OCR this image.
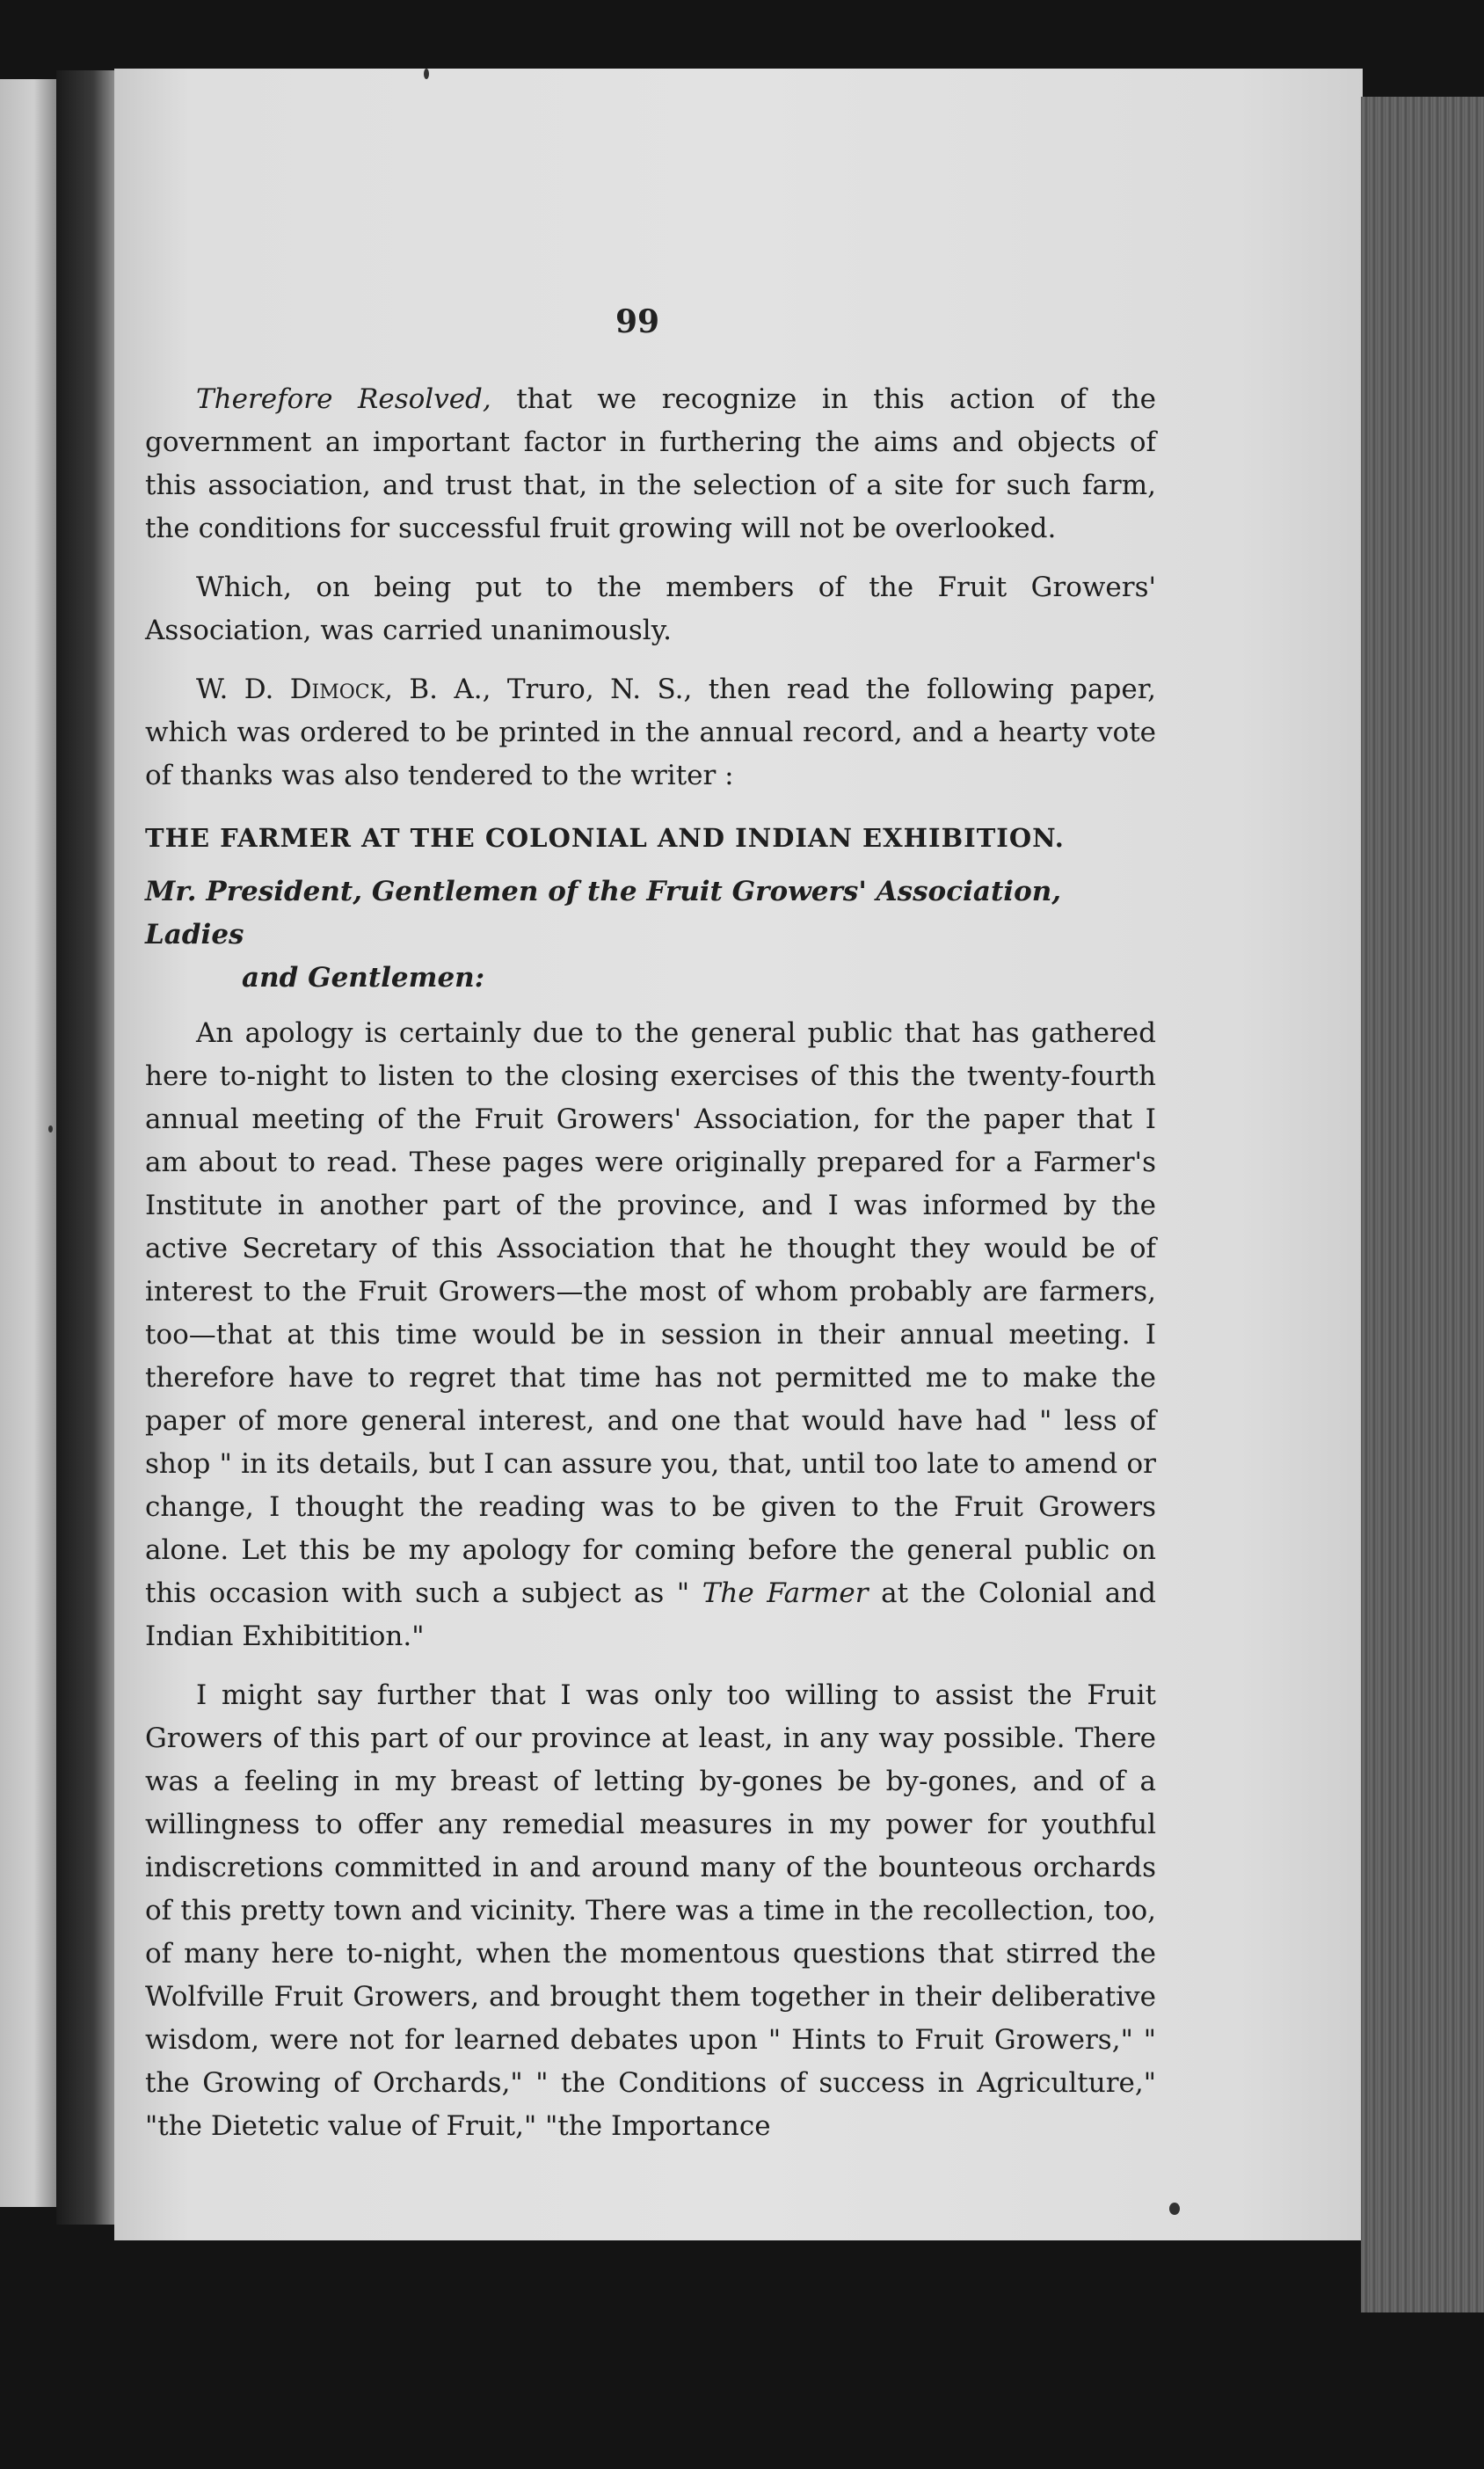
99

Therefore Resolved, that we recognize in this action of the government an important factor in furthering the aims and objects of this association, and trust that, in the selection of a site for such farm, the conditions for successful fruit growing will not be overlooked.

Which, on being put to the members of the Fruit Growers' Association, was carried unanimously.

W. D. Dimock, B. A., Truro, N. S., then read the following paper, which was ordered to be printed in the annual record, and a hearty vote of thanks was also tendered to the writer :

THE FARMER AT THE COLONIAL AND INDIAN EXHIBITION.
Mr. President, Gentlemen of the Fruit Growers' Association, Ladies
and Gentlemen:

An apology is certainly due to the general public that has gathered here to-night to listen to the closing exercises of this the twenty-fourth annual meeting of the Fruit Growers' Association, for the paper that I am about to read. These pages were originally prepared for a Farmer's Institute in another part of the province, and I was informed by the active Secretary of this Association that he thought they would be of interest to the Fruit Growers—the most of whom probably are farmers, too—that at this time would be in session in their annual meeting. I therefore have to regret that time has not permitted me to make the paper of more general interest, and one that would have had " less of shop " in its details, but I can assure you, that, until too late to amend or change, I thought the reading was to be given to the Fruit Growers alone. Let this be my apology for coming before the general public on this occasion with such a subject as " The Farmer at the Colonial and Indian Exhibitition."

I might say further that I was only too willing to assist the Fruit Growers of this part of our province at least, in any way possible. There was a feeling in my breast of letting by-gones be by-gones, and of a willingness to offer any remedial measures in my power for youthful indiscretions committed in and around many of the bounteous orchards of this pretty town and vicinity. There was a time in the recollection, too, of many here to-night, when the momentous questions that stirred the Wolfville Fruit Growers, and brought them together in their deliberative wisdom, were not for learned debates upon " Hints to Fruit Growers," " the Growing of Orchards," " the Conditions of success in Agriculture," "the Dietetic value of Fruit," "the Importance
